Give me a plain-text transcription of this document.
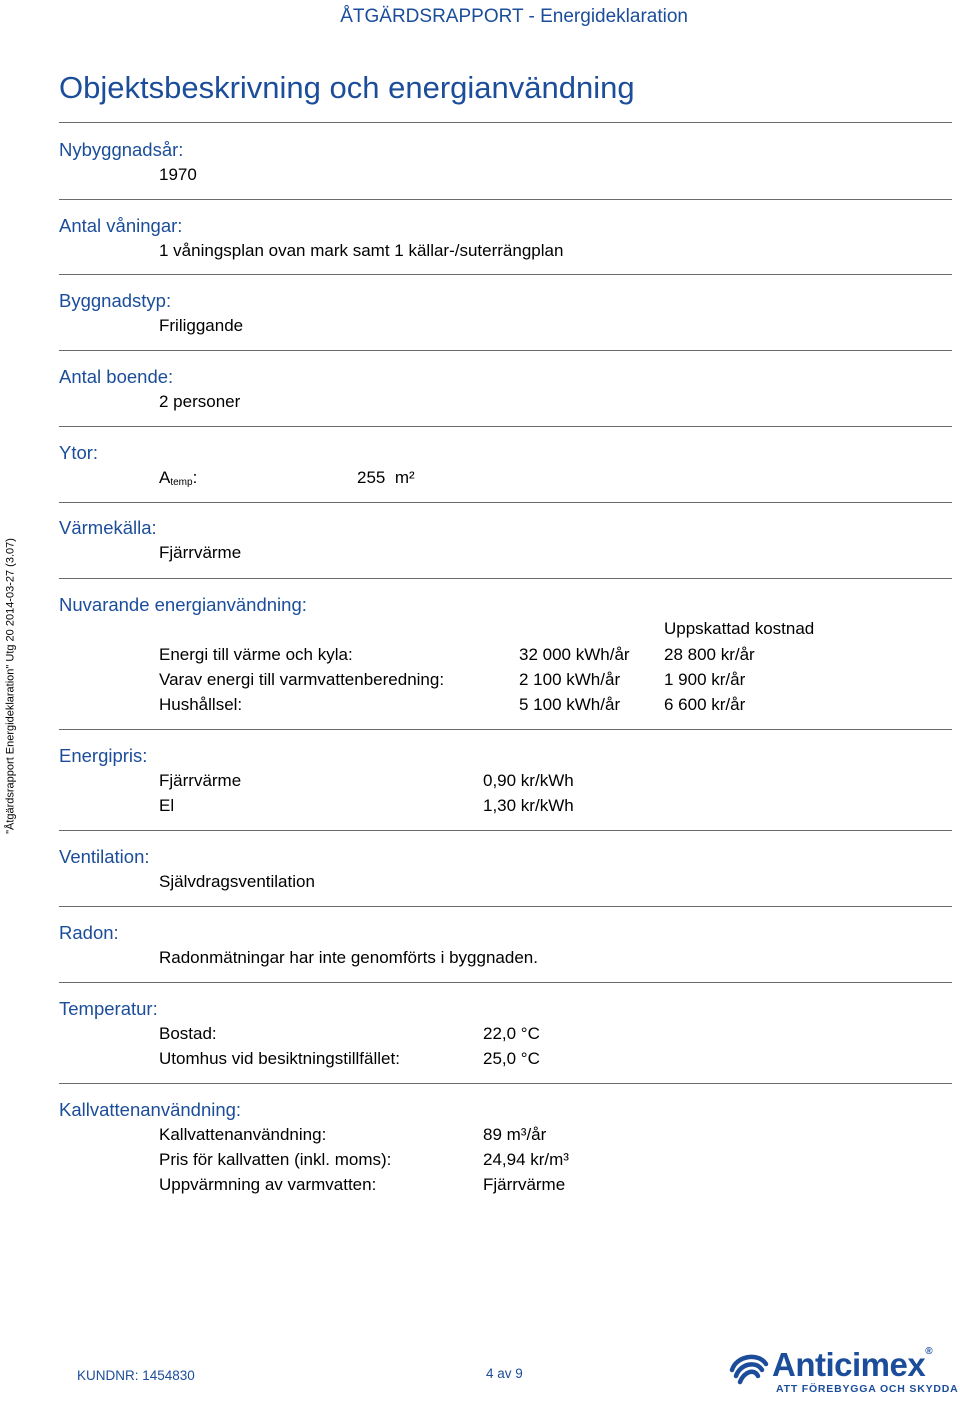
ÅTGÄRDSRAPPORT - Energideklaration
"Åtgärdsrapport Energideklaration" Utg 20 2014-03-27 (3.07)
Objektsbeskrivning och energianvändning
Nybyggnadsår:
1970
Antal våningar:
1 våningsplan ovan mark samt 1 källar-/suterrängplan
Byggnadstyp:
Friliggande
Antal boende:
2 personer
Ytor:
Atemp:	255 m²
Värmekälla:
Fjärrvärme
Nuvarande energianvändning:
Uppskattad kostnad
Energi till värme och kyla:	32 000 kWh/år 28 800 kr/år
Varav energi till varmvattenberedning:	2 100 kWh/år	1 900 kr/år
Hushållsel:	5 100 kWh/år	6 600 kr/år
Energipris:
Fjärrvärme	0,90 kr/kWh
El	1,30 kr/kWh
Ventilation:
Självdragsventilation
Radon:
Radonmätningar har inte genomförts i byggnaden.
Temperatur:
Bostad:	22,0 °C
Utomhus vid besiktningstillfället:	25,0 °C
Kallvattenanvändning:
Kallvattenanvändning:	89 m³/år
Pris för kallvatten (inkl. moms):	24,94 kr/m³
Uppvärmning av varmvatten:	Fjärrvärme
KUNDNR: 1454830	4 av 9	Anticimex®
ATT FÖREBYGGA OCH SKYDDA
